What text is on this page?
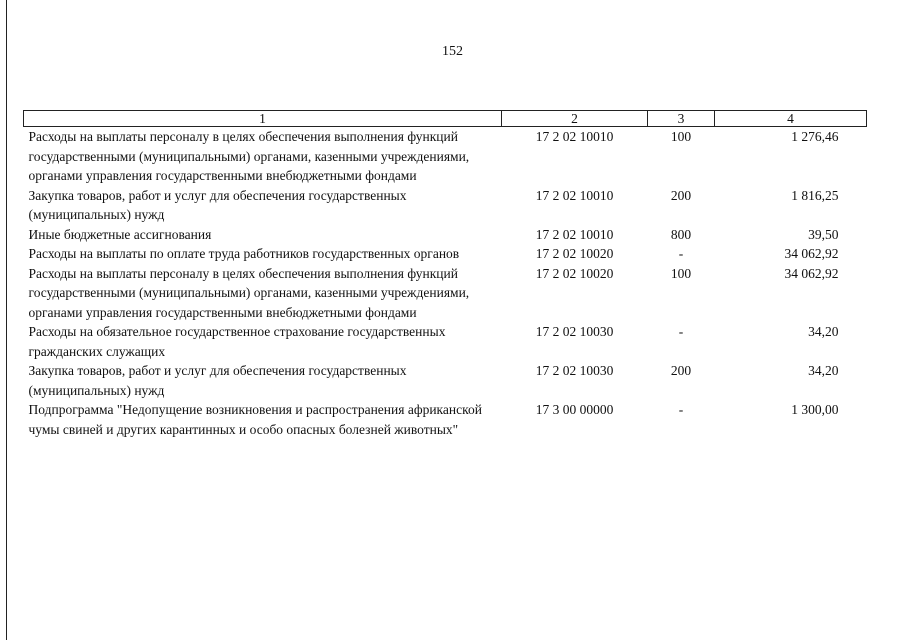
152
1	2	3	4
Расходы на выплаты персоналу в целях обеспечения выполнения функций государственными (муниципальными) органами, казенными учреждениями, органами управления государственными внебюджетными фондами	17 2 02 10010	100	1 276,46
Закупка товаров, работ и услуг для обеспечения государственных (муниципальных) нужд	17 2 02 10010	200	1 816,25
Иные бюджетные ассигнования	17 2 02 10010	800	39,50
Расходы на выплаты по оплате труда работников государственных органов	17 2 02 10020	-	34 062,92
Расходы на выплаты персоналу в целях обеспечения выполнения функций государственными (муниципальными) органами, казенными учреждениями, органами управления государственными внебюджетными фондами	17 2 02 10020	100	34 062,92
Расходы на обязательное государственное страхование государственных гражданских служащих	17 2 02 10030	-	34,20
Закупка товаров, работ и услуг для обеспечения государственных (муниципальных) нужд	17 2 02 10030	200	34,20
Подпрограмма "Недопущение возникновения и распространения африканской чумы свиней и других карантинных и особо опасных болезней животных"	17 3 00 00000	-	1 300,00
